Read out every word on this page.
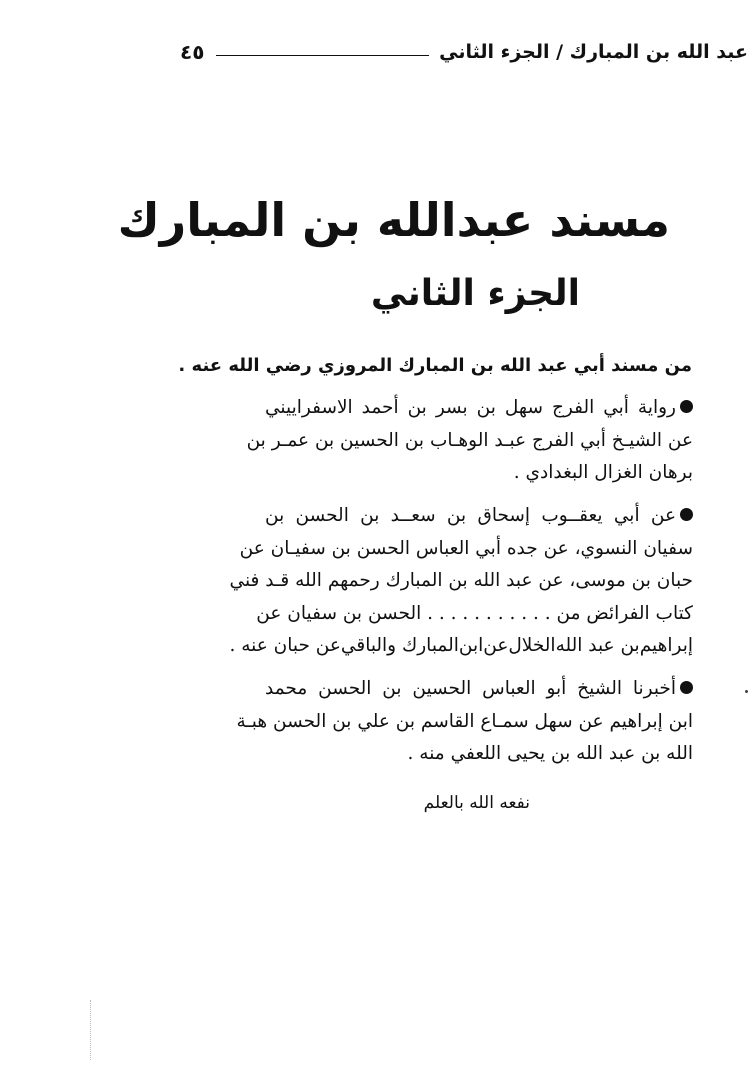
عبد الله بن المبارك / الجزء الثاني
٤٥
مسند عبدالله بن المبارك
الجزء الثاني
من مسند أبي عبد الله بن المبارك المروزي رضي الله عنه .
رواية أبي الفرج سهل بن بسر بن أحمد الاسفراييني
عن الشيـخ أبي الفرج عبـد الوهـاب بن الحسين بن عمـر بن
برهان الغزال البغدادي .
عن أبي يعقــوب إسحاق بن سعــد بن الحسن بن
سفيان النسوي، عن جده أبي العباس الحسن بن سفيـان عن
حبان بن موسى، عن عبد الله بن المبارك رحمهم الله قـد فني
كتاب الفرائض من . . . . . . . . . . . الحسن بن سفيان عن
إبراهيم‌بن عبد الله‌الخلال‌عن‌ابن‌المبارك والباقي‌عن حبان عنه .
أخبرنا الشيخ أبو العباس الحسين بن الحسن محمد
ابن إبراهيم عن سهل سمـاع القاسم بن علي بن الحسن هبـة
الله بن عبد الله بن يحيى اللعفي منه .
نفعه الله بالعلم
